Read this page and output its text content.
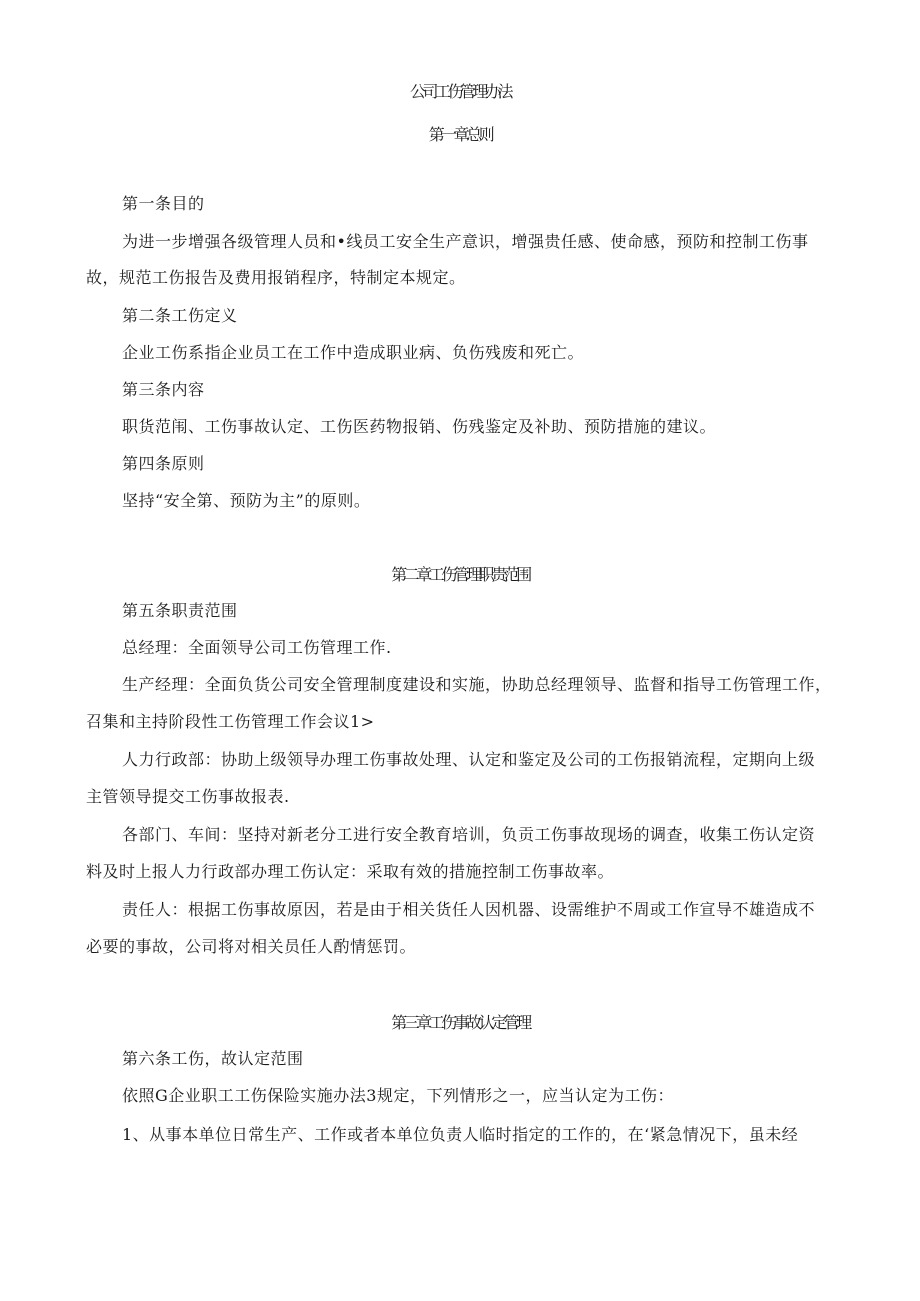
公司工伤管理办法
第一章总则
第一条目的
为进一步增强各级管理人员和•线员工安全生产意识，增强贵任感、使命感，预防和控制工伤事
故，规范工伤报告及费用报销程序，特制定本规定。
第二条工伤定义
企业工伤系指企业员工在工作中造成职业病、负伤残废和死亡。
第三条内容
职货范闱、工伤事故认定、工伤医药物报销、伤残鉴定及补助、预防措施的建议。
第四条原则
坚持“安全第、预防为主”的原则。
第二章工伤管理职贵范围
第五条职责范围
总经理：全面领导公司工伤管理工作.
生产经理：全面负货公司安全管理制度建设和实施，协助总经理领导、监督和指导工伤管理工作，
召集和主持阶段性工伤管理工作会议1>
人力行政部：协助上级领导办理工伤事故处理、认定和鉴定及公司的工伤报销流程，定期向上级
主管领导提交工伤事故报表.
各部门、车间：坚持对新老分工进行安全教育培训，负贡工伤事故现场的调查，收集工伤认定资
料及时上报人力行政部办理工伤认定：采取有效的措施控制工伤事故率。
责任人：根据工伤事故原因，若是由于相关货任人因机器、设需维护不周或工作宣导不雄造成不
必要的事故，公司将对相关员任人酌情惩罚。
第三章工伤事故认定管理
第六条工伤，故认定范围
依照G企业职工工伤保险实施办法3规定，下列情形之一，应当认定为工伤：
1、从事本单位日常生产、工作或者本单位负责人临时指定的工作的，在‘紧急情况下，虽未经
